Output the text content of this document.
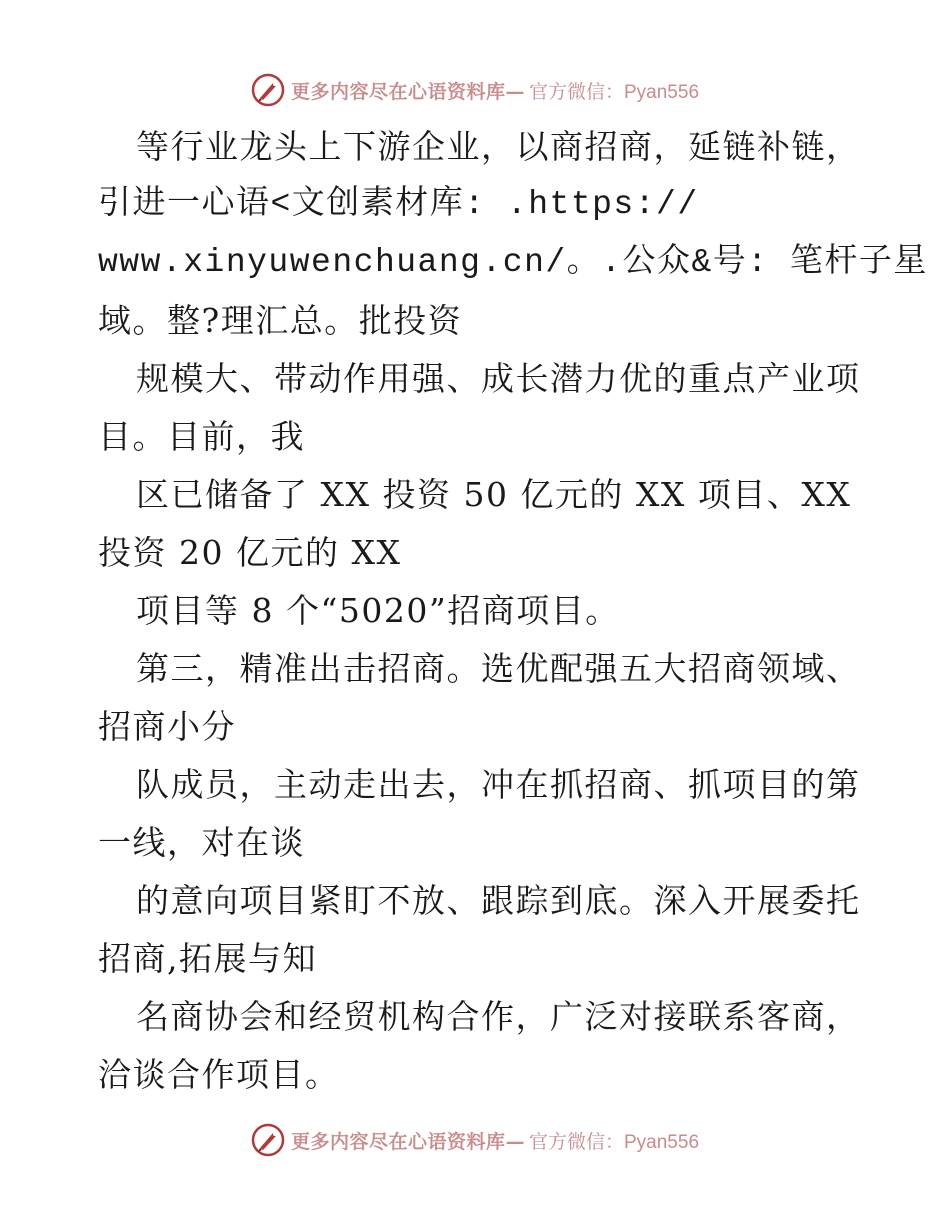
更多内容尽在心语资料库— 官方微信：Pyan556
等行业龙头上下游企业，以商招商，延链补链，
引进一心语<文创素材库: .https://
www.xinyuwenchuang.cn/。.公众&号: 笔杆子星
域。整?理汇总。批投资
规模大、带动作用强、成长潜力优的重点产业项
目。目前，我
区已储备了 XX 投资 50 亿元的 XX 项目、XX
投资 20 亿元的 XX
项目等 8 个“5020”招商项目。
第三，精准出击招商。选优配强五大招商领域、
招商小分
队成员，主动走出去，冲在抓招商、抓项目的第
一线，对在谈
的意向项目紧盯不放、跟踪到底。深入开展委托
招商,拓展与知
名商协会和经贸机构合作，广泛对接联系客商，
洽谈合作项目。
更多内容尽在心语资料库— 官方微信：Pyan556
